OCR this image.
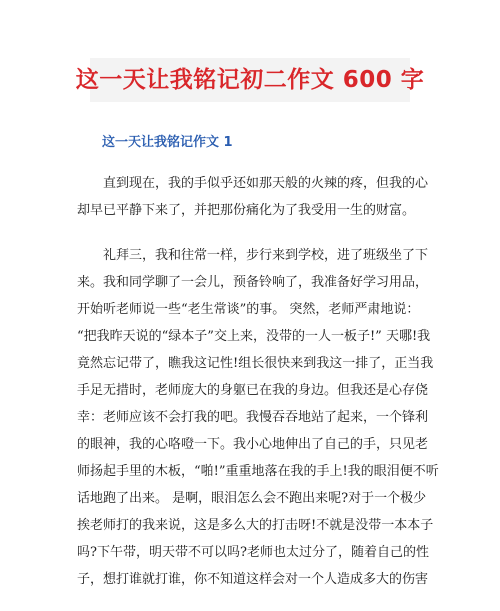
这一天让我铭记初二作文 600 字
这一天让我铭记作文 1

直到现在，我的手似乎还如那天般的火辣的疼，但我的心
却早已平静下来了，并把那份痛化为了我受用一生的财富。

礼拜三，我和往常一样，步行来到学校，进了班级坐了下
来。我和同学聊了一会儿，预备铃响了，我准备好学习用品，
开始听老师说一些“老生常谈”的事。 突然，老师严肃地说：
“把我昨天说的“绿本子”交上来，没带的一人一板子!” 天哪!我
竟然忘记带了，瞧我这记性!组长很快来到我这一排了，正当我
手足无措时，老师庞大的身躯已在我的身边。但我还是心存侥
幸：老师应该不会打我的吧。我慢吞吞地站了起来，一个锋利
的眼神，我的心咯噔一下。我小心地伸出了自己的手，只见老
师扬起手里的木板，“啪!”重重地落在我的手上!我的眼泪便不听
话地跑了出来。 是啊，眼泪怎么会不跑出来呢?对于一个极少
挨老师打的我来说，这是多么大的打击呀!不就是没带一本本子
吗?下午带，明天带不可以吗?老师也太过分了，随着自己的性
子，想打谁就打谁，你不知道这样会对一个人造成多大的伤害
